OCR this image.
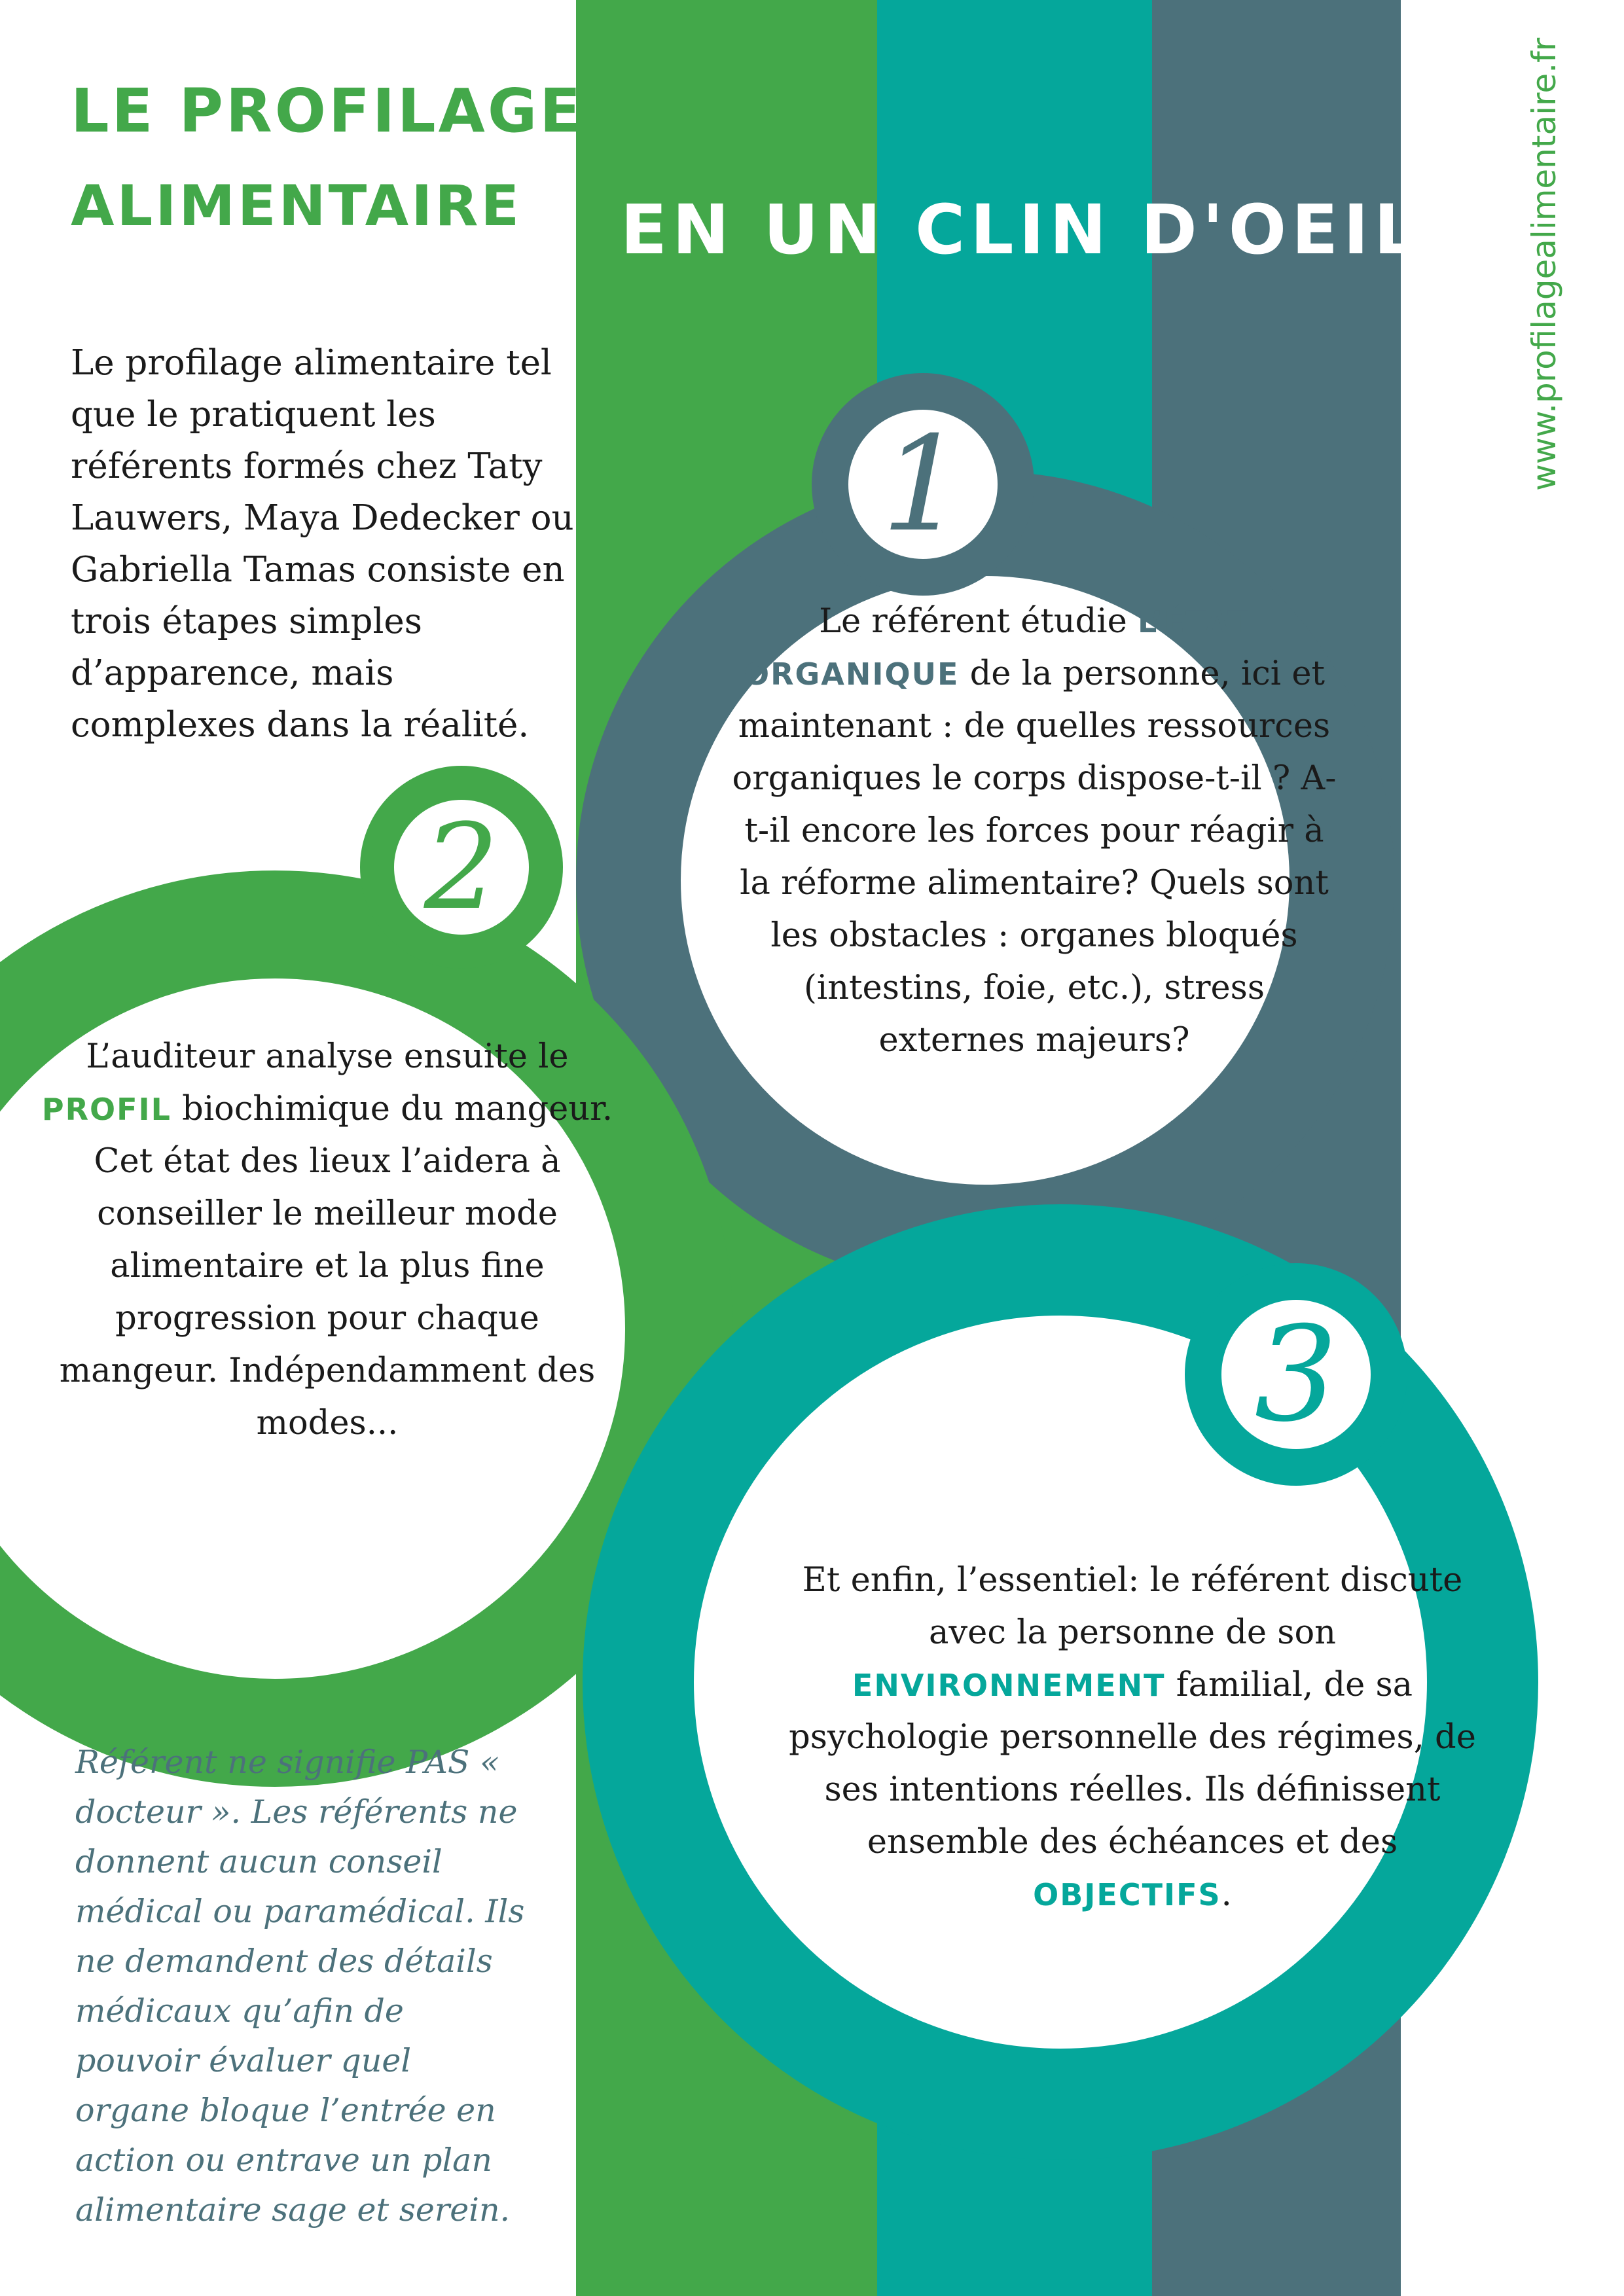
1
2
3
LE PROFILAGE
ALIMENTAIRE	EN UN CLIN D'OEIL	www.profilagealimentaire.fr
Le profilage alimentaire tel que le pratiquent les référents formés chez Taty Lauwers, Maya Dedecker ou Gabriella Tamas consiste en trois étapes simples d’apparence, mais complexes dans la réalité.
Le référent étudie L’ÉTAT ORGANIQUE de la personne, ici et maintenant : de quelles ressources organiques le corps dispose-t-il ? A-t-il encore les forces pour réagir à la réforme alimentaire? Quels sont les obstacles : organes bloqués (intestins, foie, etc.), stress externes majeurs?
L’auditeur analyse ensuite le PROFIL biochimique du mangeur. Cet état des lieux l’aidera à conseiller le meilleur mode alimentaire et la plus fine progression pour chaque mangeur. Indépendamment des modes...
Et enfin, l’essentiel: le référent discute avec la personne de son ENVIRONNEMENT familial, de sa psychologie personnelle des régimes, de ses intentions réelles. Ils définissent ensemble des échéances et des OBJECTIFS.
Référent ne signifie PAS « docteur ». Les référents ne donnent aucun conseil médical ou paramédical. Ils ne demandent des détails médicaux qu’afin de pouvoir évaluer quel organe bloque l’entrée en action ou entrave un plan alimentaire sage et serein.
